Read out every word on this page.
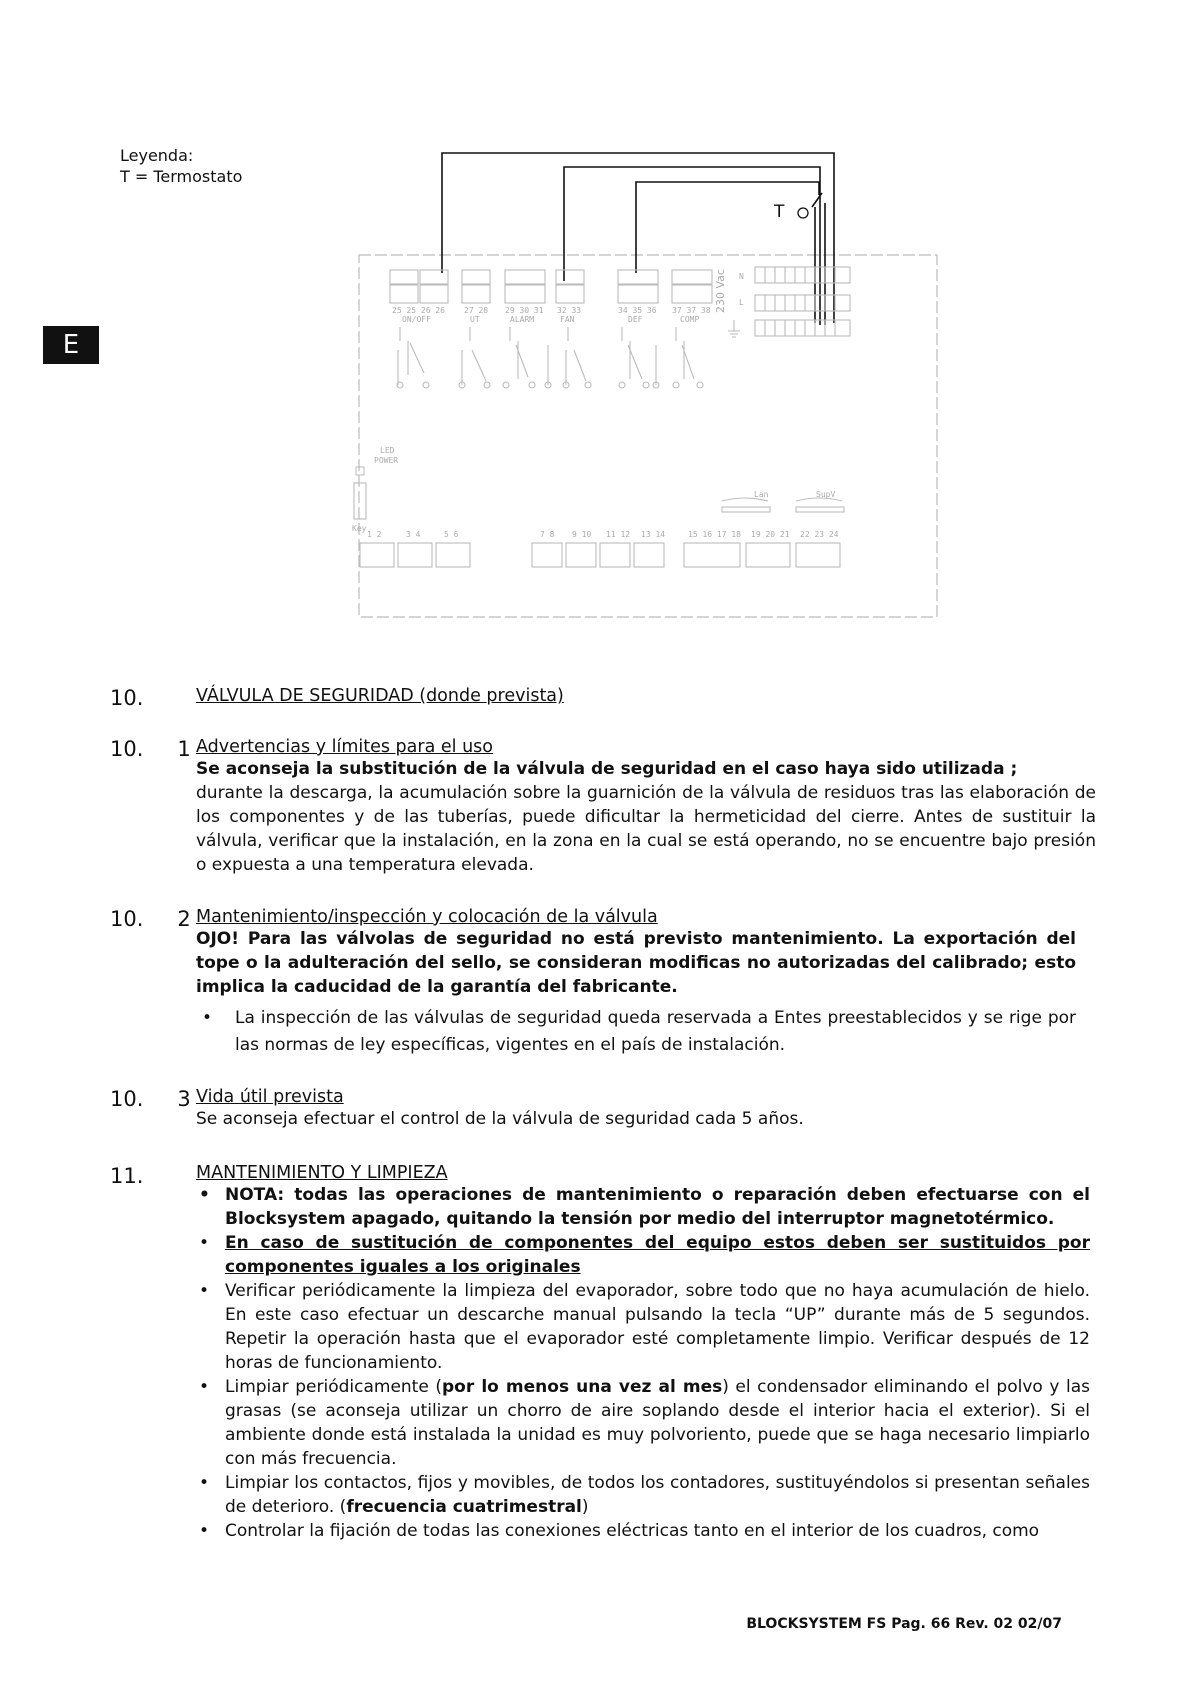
Leyenda:
T = Termostato
E
T
25 25 26 26
ON/OFF
27 28
UT
29 30 31
ALARM
32 33
FAN
34 35 36
DEF
37 37 38
COMP
N
L
230 Vac
LED
POWER
Key
Lan	SupV
1 2	3 4	5 6	7 8 9 10 11 12 13 14	15 16 17 18 19 20 21 22 23 24
10.	VÁLVULA DE SEGURIDAD (donde prevista)
10. 1 Advertencias y límites para el uso
Se aconseja la substitución de la válvula de seguridad en el caso haya sido utilizada ;
durante la descarga, la acumulación sobre la guarnición de la válvula de residuos tras las elaboración de los componentes y de las tuberías, puede dificultar la hermeticidad del cierre. Antes de sustituir la válvula, verificar que la instalación, en la zona en la cual se está operando, no se encuentre bajo presión o expuesta a una temperatura elevada.
10. 2 Mantenimiento/inspección y colocación de la válvula
OJO! Para las válvolas de seguridad no está previsto mantenimiento. La exportación del tope o la adulteración del sello, se consideran modificas no autorizadas del calibrado; esto implica la caducidad de la garantía del fabricante.
• La inspección de las válvulas de seguridad queda reservada a Entes preestablecidos y se rige por las normas de ley específicas, vigentes en el país de instalación.
10. 3 Vida útil prevista
Se aconseja efectuar el control de la válvula de seguridad cada 5 años.
11.	MANTENIMIENTO Y LIMPIEZA
• NOTA: todas las operaciones de mantenimiento o reparación deben efectuarse con el Blocksystem apagado, quitando la tensión por medio del interruptor magnetotérmico.
• En caso de sustitución de componentes del equipo estos deben ser sustituidos por componentes iguales a los originales
• Verificar periódicamente la limpieza del evaporador, sobre todo que no haya acumulación de hielo. En este caso efectuar un descarche manual pulsando la tecla “UP” durante más de 5 segundos. Repetir la operación hasta que el evaporador esté completamente limpio. Verificar después de 12 horas de funcionamiento.
• Limpiar periódicamente (por lo menos una vez al mes) el condensador eliminando el polvo y las grasas (se aconseja utilizar un chorro de aire soplando desde el interior hacia el exterior). Si el ambiente donde está instalada la unidad es muy polvoriento, puede que se haga necesario limpiarlo con más frecuencia.
• Limpiar los contactos, fijos y movibles, de todos los contadores, sustituyéndolos si presentan señales de deterioro. (frecuencia cuatrimestral)
• Controlar la fijación de todas las conexiones eléctricas tanto en el interior de los cuadros, como
BLOCKSYSTEM FS Pag. 66 Rev. 02 02/07
